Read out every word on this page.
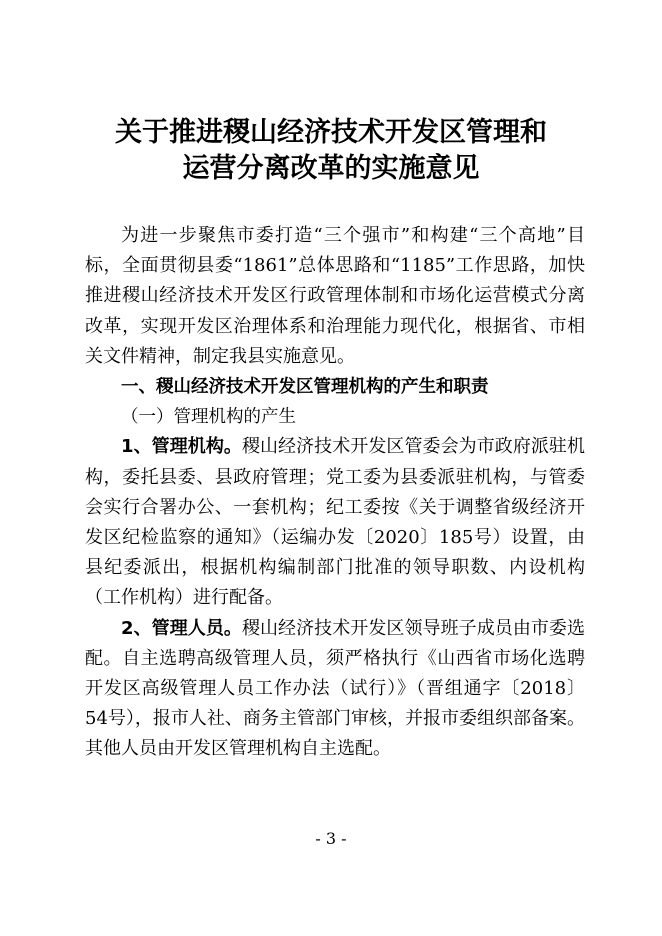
关于推进稷山经济技术开发区管理和
运营分离改革的实施意见

为进一步聚焦市委打造“三个强市”和构建“三个高地”目标，全面贯彻县委“1861”总体思路和“1185”工作思路，加快推进稷山经济技术开发区行政管理体制和市场化运营模式分离改革，实现开发区治理体系和治理能力现代化，根据省、市相关文件精神，制定我县实施意见。

一、稷山经济技术开发区管理机构的产生和职责

（一）管理机构的产生

1、管理机构。稷山经济技术开发区管委会为市政府派驻机构，委托县委、县政府管理；党工委为县委派驻机构，与管委会实行合署办公、一套机构；纪工委按《关于调整省级经济开发区纪检监察的通知》（运编办发〔2020〕185号）设置，由县纪委派出，根据机构编制部门批准的领导职数、内设机构（工作机构）进行配备。

2、管理人员。稷山经济技术开发区领导班子成员由市委选配。自主选聘高级管理人员，须严格执行《山西省市场化选聘开发区高级管理人员工作办法（试行）》（晋组通字〔2018〕54号），报市人社、商务主管部门审核，并报市委组织部备案。其他人员由开发区管理机构自主选配。

- 3 -
